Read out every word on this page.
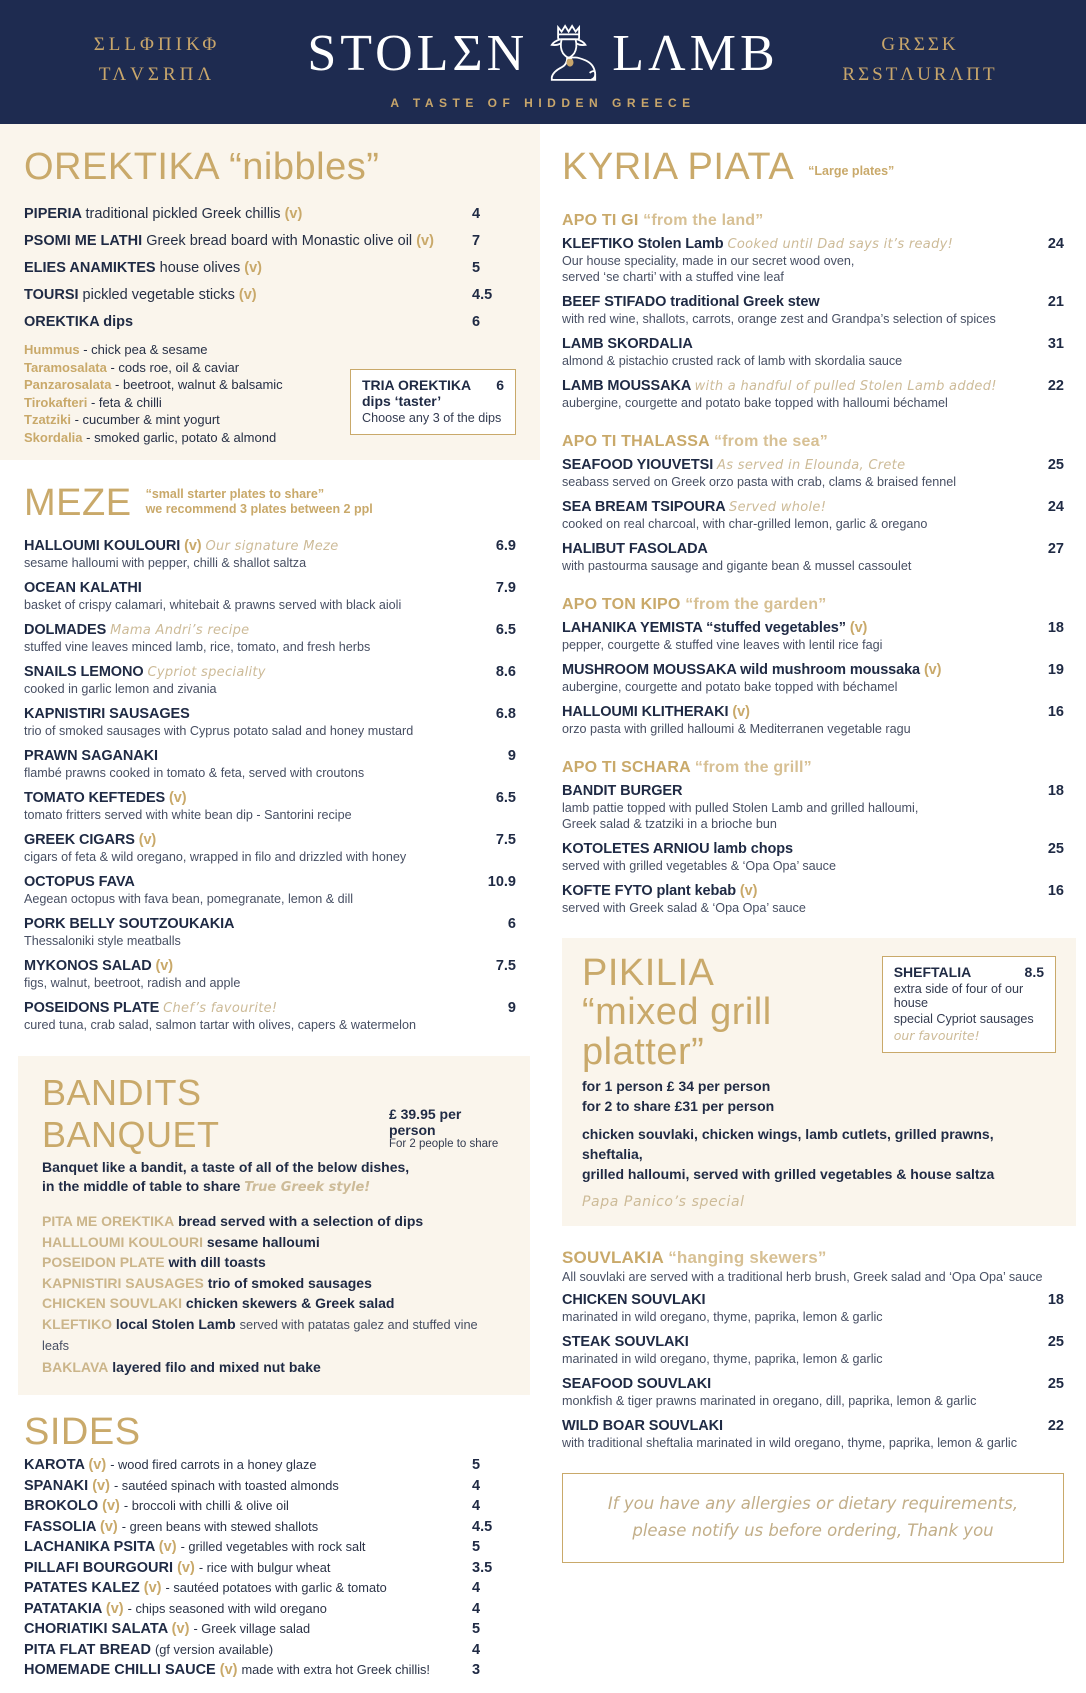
ΣLLΦΠΙΚΦ
ΤΛVΣRΠΛ	STOLΣN LΛMB
A TASTE OF HIDDEN GREECE
GRΣΣK
RΣSTΛURΛΠT
OREKTIKA “nibbles”
PIPERIA traditional pickled Greek chillis (v)	4
PSOMI ME LATHI Greek bread board with Monastic olive oil (v)	7
ELIES ANAMIKTES house olives (v)	5
TOURSI pickled vegetable sticks (v)	4.5
OREKTIKA dips	6
Hummus - chick pea & sesame
Taramosalata - cods roe, oil & caviar
Panzarosalata - beetroot, walnut & balsamic
Tirokafteri - feta & chilli
Tzatziki - cucumber & mint yogurt
Skordalia - smoked garlic, potato & almond
TRIA OREKTIKA	6
dips ‘taster’
Choose any 3 of the dips
MEZE “small starter plates to share”
we recommend 3 plates between 2 ppl
HALLOUMI KOULOURI (v) Our signature Meze	6.9
sesame halloumi with pepper, chilli & shallot saltza
OCEAN KALATHI	7.9
basket of crispy calamari, whitebait & prawns served with black aioli
DOLMADES Mama Andri’s recipe	6.5
stuffed vine leaves minced lamb, rice, tomato, and fresh herbs
SNAILS LEMONO Cypriot speciality	8.6
cooked in garlic lemon and zivania
KAPNISTIRI SAUSAGES	6.8
trio of smoked sausages with Cyprus potato salad and honey mustard
PRAWN SAGANAKI	9
flambé prawns cooked in tomato & feta, served with croutons
TOMATO KEFTEDES (v)	6.5
tomato fritters served with white bean dip - Santorini recipe
GREEK CIGARS (v)	7.5
cigars of feta & wild oregano, wrapped in filo and drizzled with honey
OCTOPUS FAVA	10.9
Aegean octopus with fava bean, pomegranate, lemon & dill
PORK BELLY SOUTZOUKAKIA	6
Thessaloniki style meatballs
MYKONOS SALAD (v)	7.5
figs, walnut, beetroot, radish and apple
POSEIDONS PLATE Chef’s favourite!	9
cured tuna, crab salad, salmon tartar with olives, capers & watermelon
BANDITS BANQUET	£ 39.95 per person
For 2 people to share
Banquet like a bandit, a taste of all of the below dishes,
in the middle of table to share True Greek style!
PITA ME OREKTIKA bread served with a selection of dips
HALLLOUMI KOULOURI sesame halloumi
POSEIDON PLATE with dill toasts
KAPNISTIRI SAUSAGES trio of smoked sausages
CHICKEN SOUVLAKI chicken skewers & Greek salad
KLEFTIKO local Stolen Lamb served with patatas galez and stuffed vine leafs
BAKLAVA layered filo and mixed nut bake
SIDES
KAROTA (v) - wood fired carrots in a honey glaze	5
SPANAKI (v) - sautéed spinach with toasted almonds	4
BROKOLO (v) - broccoli with chilli & olive oil	4
FASSOLIA (v) - green beans with stewed shallots	4.5
LACHANIKA PSITA (v) - grilled vegetables with rock salt	5
PILLAFI BOURGOURI (v) - rice with bulgur wheat	3.5
PATATES KALEZ (v) - sautéed potatoes with garlic & tomato	4
PATATAKIA (v) - chips seasoned with wild oregano	4
CHORIATIKI SALATA (v) - Greek village salad	5
PITA FLAT BREAD (gf version available)	4
HOMEMADE CHILLI SAUCE (v) made with extra hot Greek chillis!	3
KYRIA PIATA “Large plates”
APO TI GI “from the land”
KLEFTIKO Stolen Lamb Cooked until Dad says it’s ready!	24
Our house speciality, made in our secret wood oven,
served ‘se charti’ with a stuffed vine leaf
BEEF STIFADO traditional Greek stew	21
with red wine, shallots, carrots, orange zest and Grandpa’s selection of spices
LAMB SKORDALIA	31
almond & pistachio crusted rack of lamb with skordalia sauce
LAMB MOUSSAKA with a handful of pulled Stolen Lamb added!	22
aubergine, courgette and potato bake topped with halloumi béchamel
APO TI THALASSA “from the sea”
SEAFOOD YIOUVETSI As served in Elounda, Crete	25
seabass served on Greek orzo pasta with crab, clams & braised fennel
SEA BREAM TSIPOURA Served whole!	24
cooked on real charcoal, with char-grilled lemon, garlic & oregano
HALIBUT FASOLADA	27
with pastourma sausage and gigante bean & mussel cassoulet
APO TON KIPO “from the garden”
LAHANIKA YEMISTA “stuffed vegetables” (v)	18
pepper, courgette & stuffed vine leaves with lentil rice fagi
MUSHROOM MOUSSAKA wild mushroom moussaka (v)	19
aubergine, courgette and potato bake topped with béchamel
HALLOUMI KLITHERAKI (v)	16
orzo pasta with grilled halloumi & Mediterranen vegetable ragu
APO TI SCHARA “from the grill”
BANDIT BURGER	18
lamb pattie topped with pulled Stolen Lamb and grilled halloumi,
Greek salad & tzatziki in a brioche bun
KOTOLETES ARNIOU lamb chops	25
served with grilled vegetables & ‘Opa Opa’ sauce
KOFTE FYTO plant kebab (v)	16
served with Greek salad & ‘Opa Opa’ sauce
PIKILIA
“mixed grill platter”
SHEFTALIA	8.5
extra side of four of our house
special Cypriot sausages
our favourite!
for 1 person £ 34 per person
for 2 to share £31 per person
chicken souvlaki, chicken wings, lamb cutlets, grilled prawns, sheftalia,
grilled halloumi, served with grilled vegetables & house saltza
Papa Panico’s special
SOUVLAKIA “hanging skewers”
All souvlaki are served with a traditional herb brush, Greek salad and ‘Opa Opa’ sauce
CHICKEN SOUVLAKI	18
marinated in wild oregano, thyme, paprika, lemon & garlic
STEAK SOUVLAKI	25
marinated in wild oregano, thyme, paprika, lemon & garlic
SEAFOOD SOUVLAKI	25
monkfish & tiger prawns marinated in oregano, dill, paprika, lemon & garlic
WILD BOAR SOUVLAKI	22
with traditional sheftalia marinated in wild oregano, thyme, paprika, lemon & garlic
If you have any allergies or dietary requirements,
please notify us before ordering, Thank you
